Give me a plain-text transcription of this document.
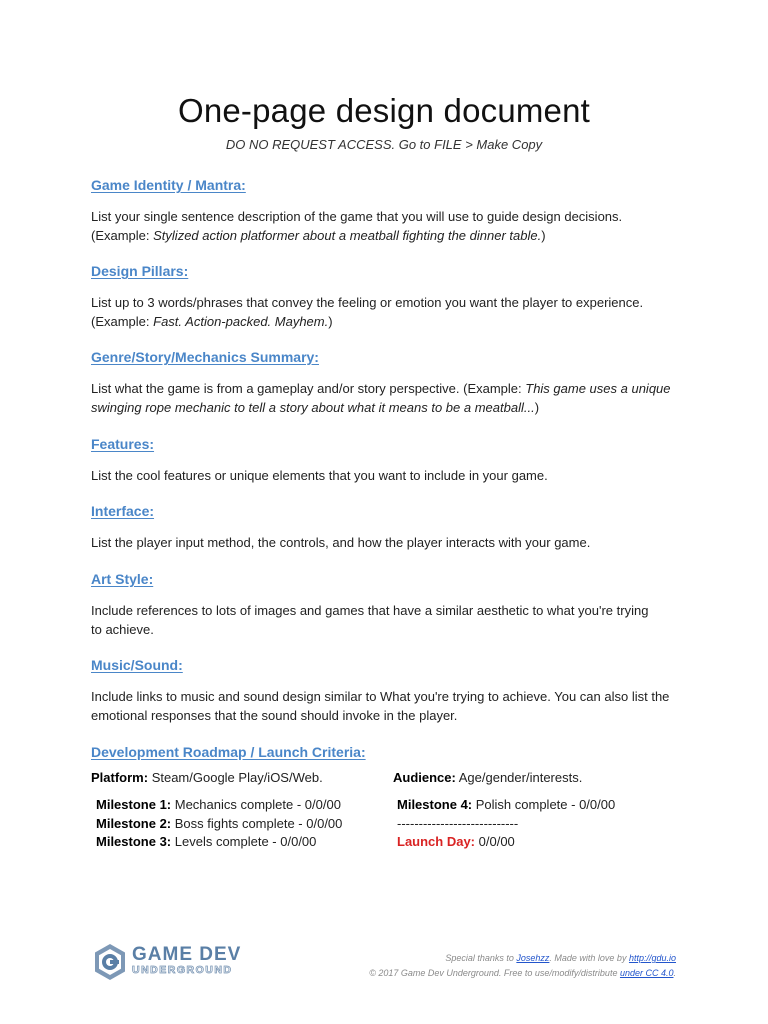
One-page design document
DO NO REQUEST ACCESS. Go to FILE > Make Copy
Game Identity / Mantra:
List your single sentence description of the game that you will use to guide design decisions.
(Example: Stylized action platformer about a meatball fighting the dinner table.)
Design Pillars:
List up to 3 words/phrases that convey the feeling or emotion you want the player to experience.
(Example: Fast. Action-packed. Mayhem.)
Genre/Story/Mechanics Summary:
List what the game is from a gameplay and/or story perspective. (Example: This game uses a unique swinging rope mechanic to tell a story about what it means to be a meatball...)
Features:
List the cool features or unique elements that you want to include in your game.
Interface:
List the player input method, the controls, and how the player interacts with your game.
Art Style:
Include references to lots of images and games that have a similar aesthetic to what you're trying to achieve.
Music/Sound:
Include links to music and sound design similar to What you're trying to achieve. You can also list the emotional responses that the sound should invoke in the player.
Development Roadmap / Launch Criteria:
Platform: Steam/Google Play/iOS/Web.	Audience: Age/gender/interests.
Milestone 1: Mechanics complete - 0/0/00
Milestone 2: Boss fights complete - 0/0/00
Milestone 3: Levels complete - 0/0/00
Milestone 4: Polish complete - 0/0/00
----------------------------
Launch Day: 0/0/00
GAME DEV
UNDERGROUND
Special thanks to Josehzz. Made with love by http://gdu.io
© 2017 Game Dev Underground. Free to use/modify/distribute under CC 4.0.
